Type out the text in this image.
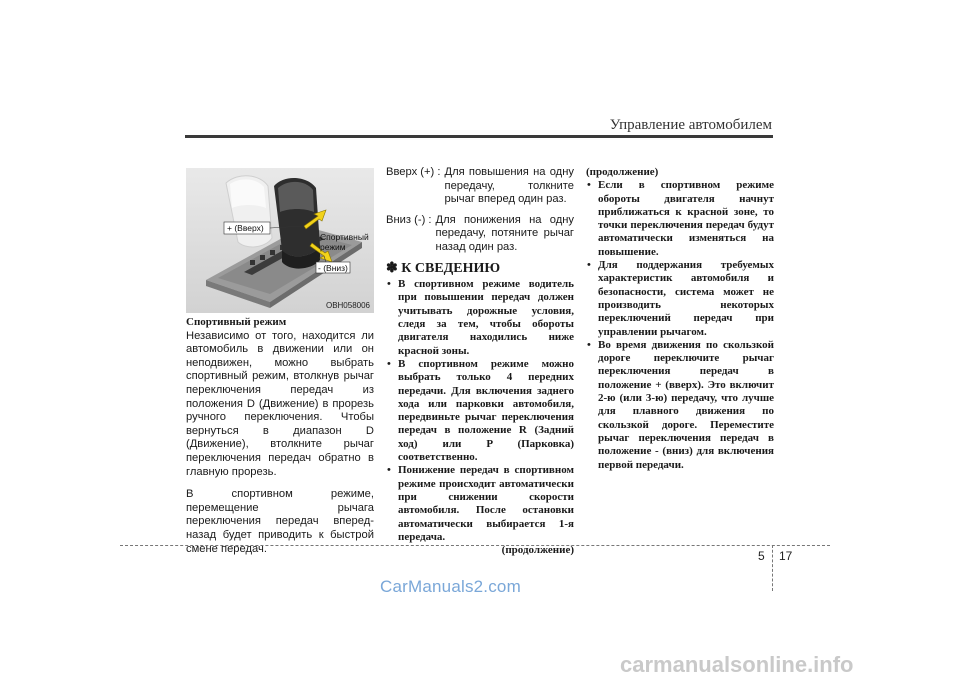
Управление автомобилем
+ (Вверх)
Спортивный
режим
- (Вниз)
OBH058006
Спортивный режим

Независимо от того, находится ли автомобиль в движении или он неподвижен, можно выбрать спортивный режим, втолкнув рычаг переключения передач из положения D (Движение) в прорезь ручного переключения. Чтобы вернуться в диапазон D (Движение), втолкните рычаг переключения передач обратно в главную прорезь.

В спортивном режиме, перемещение рычага переключения передач вперед-назад будет приводить к быстрой смене передач.

Вверх (+) : Для повышения на одну передачу, толкните рычаг вперед один раз.
Вниз (-) : Для понижения на одну передачу, потяните рычаг назад один раз.
✽ К СВЕДЕНИЮ
• В спортивном режиме водитель при повышении передач должен учитывать дорожные условия, следя за тем, чтобы обороты двигателя находились ниже красной зоны.
• В спортивном режиме можно выбрать только 4 передних передачи. Для включения заднего хода или парковки автомобиля, передвиньте рычаг переключения передач в положение R (Задний ход) или P (Парковка) соответственно.
• Понижение передач в спортивном режиме происходит автоматически при снижении скорости автомобиля. После остановки автоматически выбирается 1-я передача.
(продолжение)
(продолжение)
• Если в спортивном режиме обороты двигателя начнут приближаться к красной зоне, то точки переключения передач будут автоматически изменяться на повышение.
• Для поддержания требуемых характеристик автомобиля и безопасности, система может не производить некоторых переключений передач при управлении рычагом.
• Во время движения по скользкой дороге переключите рычаг переключения передач в положение + (вверх). Это включит 2-ю (или 3-ю) передачу, что лучше для плавного движения по скользкой дороге. Переместите рычаг переключения передач в положение - (вниз) для включения первой передачи.
5 17
CarManuals2.com
carmanualsonline.info
